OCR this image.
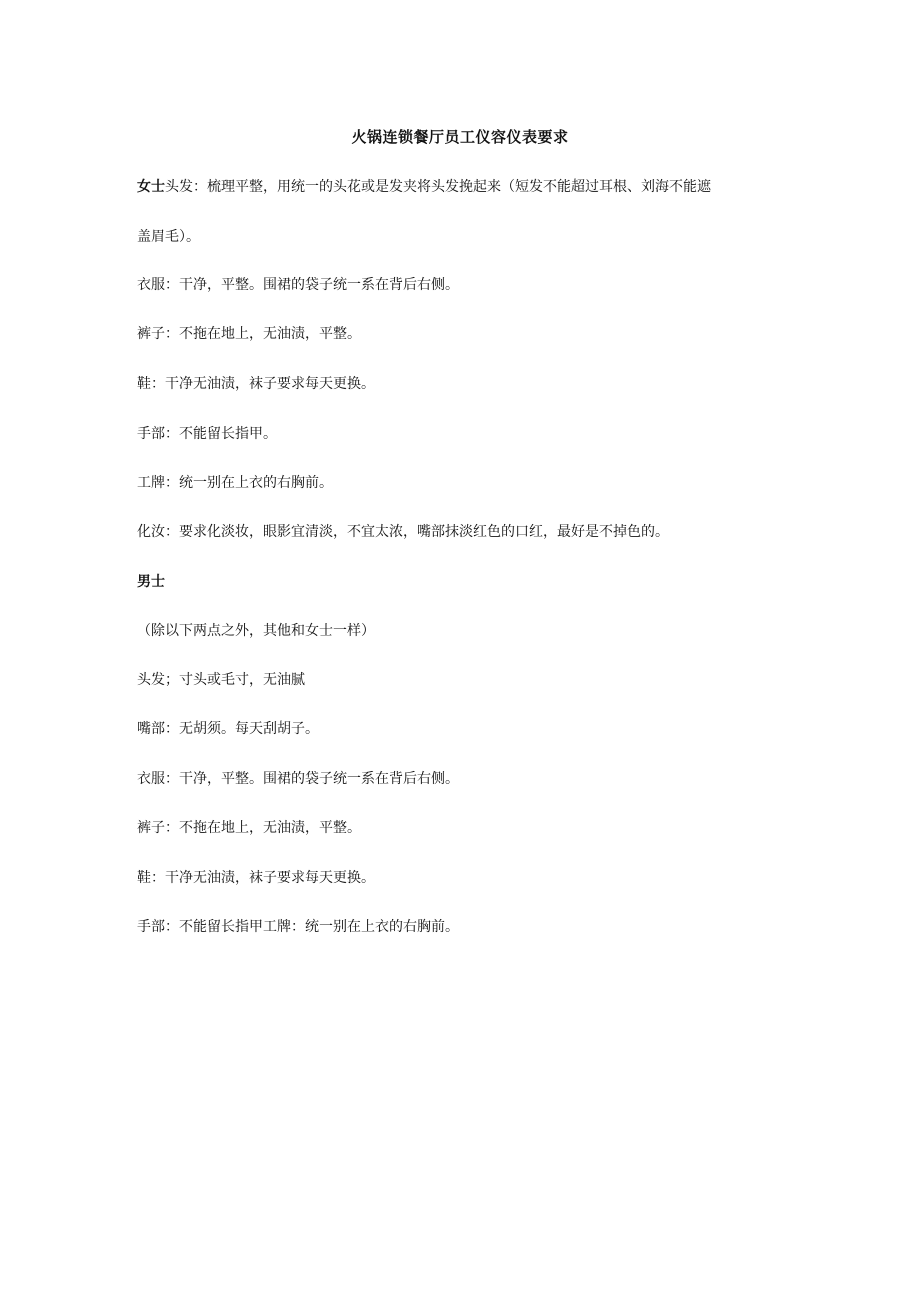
火锅连锁餐厅员工仪容仪表要求
女士头发：梳理平整，用统一的头花或是发夹将头发挽起来（短发不能超过耳根、刘海不能遮
盖眉毛）。
衣服：干净，平整。围裙的袋子统一系在背后右侧。
裤子：不拖在地上，无油渍，平整。
鞋：干净无油渍，袜子要求每天更换。
手部：不能留长指甲。
工牌：统一别在上衣的右胸前。
化汝：要求化淡妆，眼影宜清淡，不宜太浓，嘴部抹淡红色的口红，最好是不掉色的。
男士
（除以下两点之外，其他和女士一样）
头发；寸头或毛寸，无油腻
嘴部：无胡须。每天刮胡子。
衣服：干净，平整。围裙的袋子统一系在背后右侧。
裤子：不拖在地上，无油渍，平整。
鞋：干净无油渍，袜子要求每天更换。
手部：不能留长指甲工牌：统一别在上衣的右胸前。
